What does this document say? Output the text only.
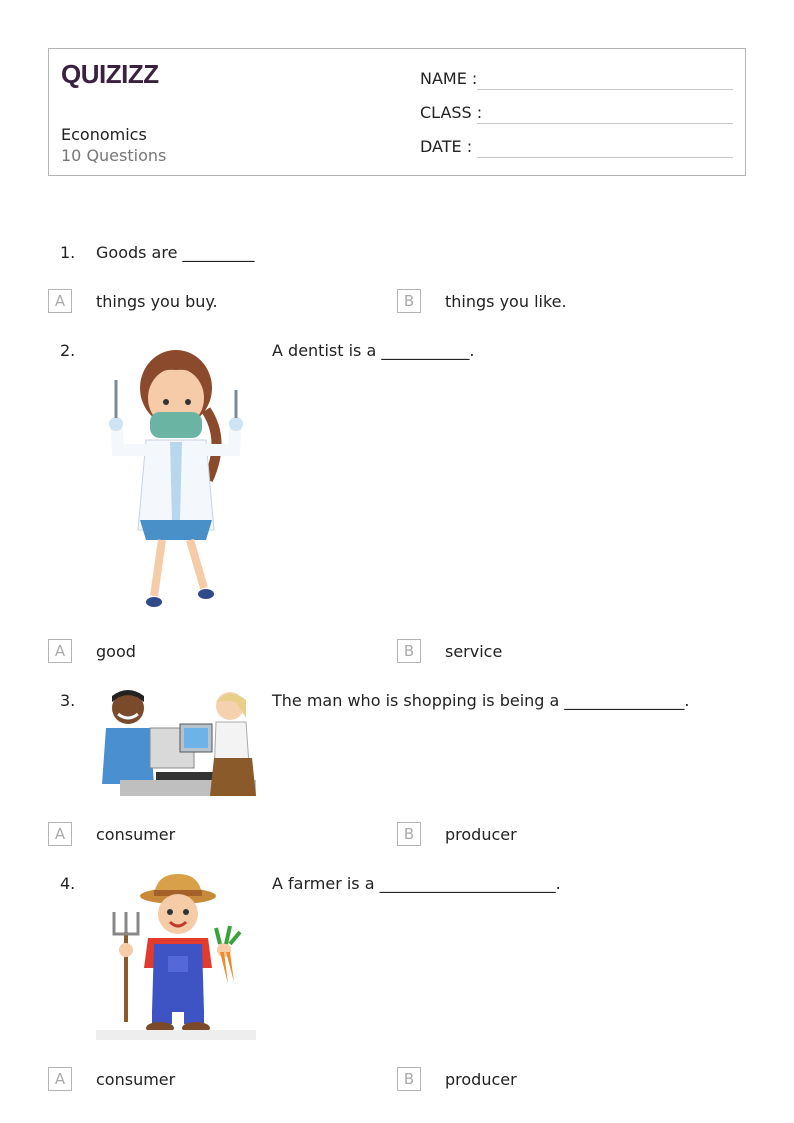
QUIZIZZ
Economics
10 Questions
NAME :
CLASS :
DATE :
1. Goods are _________
A	things you buy.	B	things you like.
2.	A dentist is a ___________.
A	good	B	service
3.	The man who is shopping is being a _______________.
A	consumer	B	producer
4.	A farmer is a ______________________.
A	consumer	B	producer
